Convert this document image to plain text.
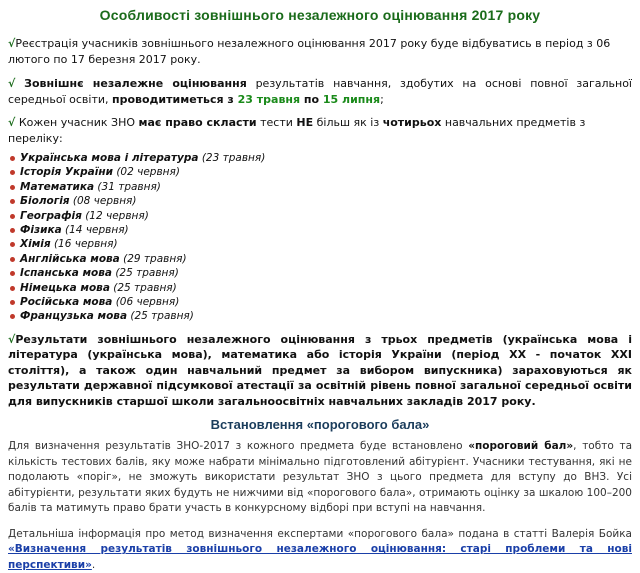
Особливості зовнішнього незалежного оцінювання 2017 року

√Реєстрація учасників зовнішнього незалежного оцінювання 2017 року буде відбуватись в період з 06 лютого по 17 березня 2017 року.

√ Зовнішнє незалежне оцінювання результатів навчання, здобутих на основі повної загальної середньої освіти, проводитиметься з 23 травня по 15 липня;

√ Кожен учасник ЗНО має право скласти тести НЕ більш як із чотирьох навчальних предметів з переліку:

Українська мова і література (23 травня)
Історія України (02 червня)
Математика (31 травня)
Біологія (08 червня)
Географія (12 червня)
Фізика (14 червня)
Хімія (16 червня)
Англійська мова (29 травня)
Іспанська мова (25 травня)
Німецька мова (25 травня)
Російська мова (06 червня)
Французька мова (25 травня)

√Результати зовнішнього незалежного оцінювання з трьох предметів (українська мова і література (українська мова), математика або історія України (період ХХ - початок ХХІ століття), а також один навчальний предмет за вибором випускника) зараховуються як результати державної підсумкової атестації за освітній рівень повної загальної середньої освіти для випускників старшої школи загальноосвітніх навчальних закладів 2017 року.

Встановлення «порогового бала»

Для визначення результатів ЗНО-2017 з кожного предмета буде встановлено «пороговий бал», тобто та кількість тестових балів, яку може набрати мінімально підготовлений абітурієнт. Учасники тестування, які не подолають «поріг», не зможуть використати результат ЗНО з цього предмета для вступу до ВНЗ. Усі абітурієнти, результати яких будуть не нижчими від «порогового бала», отримають оцінку за шкалою 100–200 балів та матимуть право брати участь в конкурсному відборі при вступі на навчання.

Детальніша інформація про метод визначення експертами «порогового бала» подана в статті Валерія Бойка «Визначення результатів зовнішнього незалежного оцінювання: старі проблеми та нові перспективи».
